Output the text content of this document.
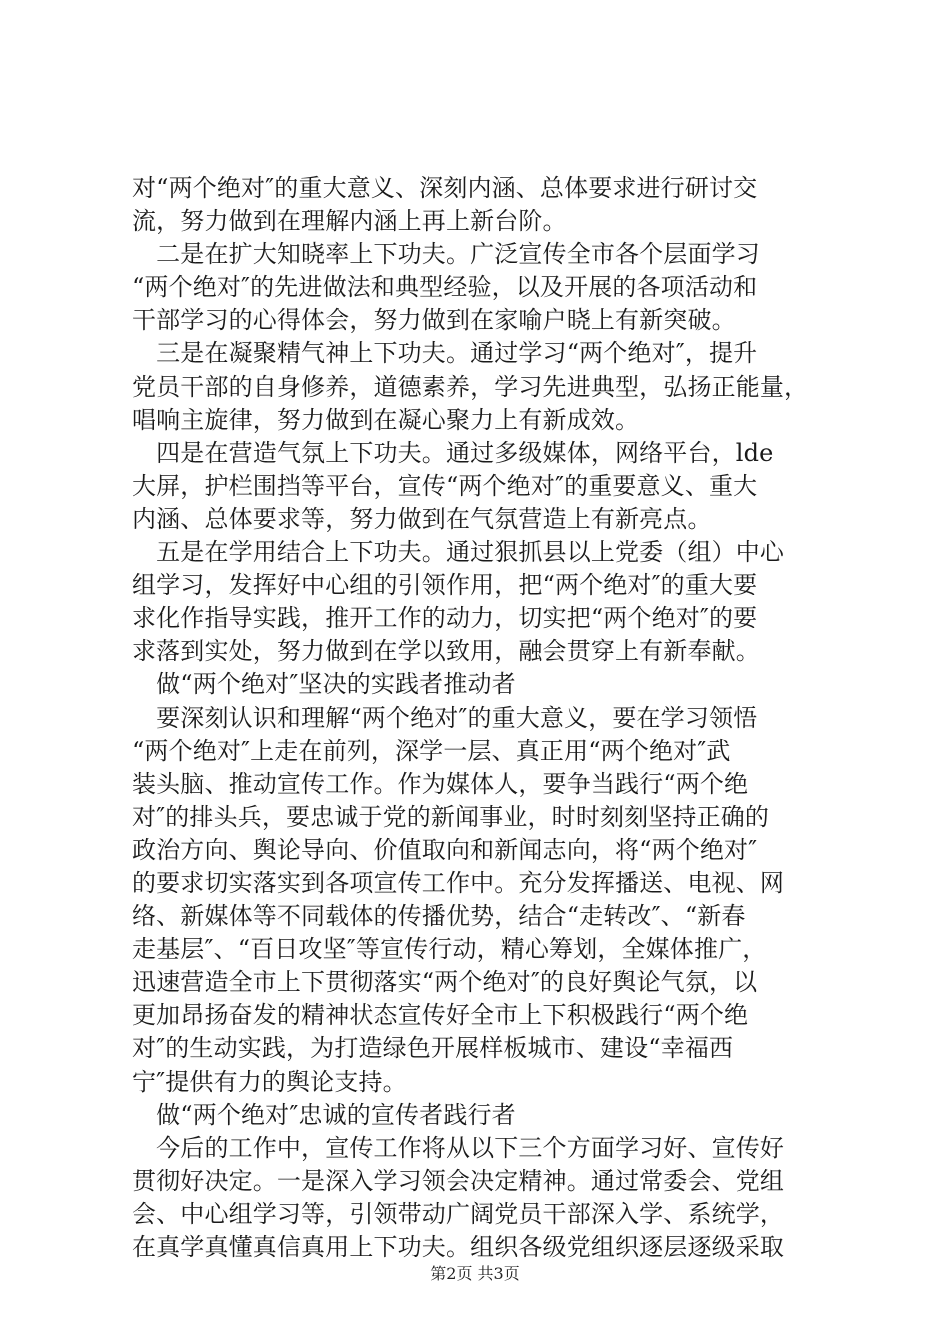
对“两个绝对″的重大意义、深刻内涵、总体要求进行研讨交
流，努力做到在理解内涵上再上新台阶。
　二是在扩大知晓率上下功夫。广泛宣传全市各个层面学习
“两个绝对″的先进做法和典型经验，以及开展的各项活动和
干部学习的心得体会，努力做到在家喻户晓上有新突破。
　三是在凝聚精气神上下功夫。通过学习“两个绝对″，提升
党员干部的自身修养，道德素养，学习先进典型，弘扬正能量，
唱响主旋律，努力做到在凝心聚力上有新成效。
　四是在营造气氛上下功夫。通过多级媒体，网络平台，lde
大屏，护栏围挡等平台，宣传“两个绝对″的重要意义、重大
内涵、总体要求等，努力做到在气氛营造上有新亮点。
　五是在学用结合上下功夫。通过狠抓县以上党委（组）中心
组学习，发挥好中心组的引领作用，把“两个绝对″的重大要
求化作指导实践，推开工作的动力，切实把“两个绝对″的要
求落到实处，努力做到在学以致用，融会贯穿上有新奉献。
　做“两个绝对″坚决的实践者推动者
　要深刻认识和理解“两个绝对″的重大意义，要在学习领悟
“两个绝对″上走在前列，深学一层、真正用“两个绝对″武
装头脑、推动宣传工作。作为媒体人，要争当践行“两个绝
对″的排头兵，要忠诚于党的新闻事业，时时刻刻坚持正确的
政治方向、舆论导向、价值取向和新闻志向，将“两个绝对″
的要求切实落实到各项宣传工作中。充分发挥播送、电视、网
络、新媒体等不同载体的传播优势，结合“走转改″、“新春
走基层″、“百日攻坚″等宣传行动，精心筹划，全媒体推广，
迅速营造全市上下贯彻落实“两个绝对″的良好舆论气氛，以
更加昂扬奋发的精神状态宣传好全市上下积极践行“两个绝
对″的生动实践，为打造绿色开展样板城市、建设“幸福西
宁″提供有力的舆论支持。
　做“两个绝对″忠诚的宣传者践行者
　今后的工作中，宣传工作将从以下三个方面学习好、宣传好
贯彻好决定。一是深入学习领会决定精神。通过常委会、党组
会、中心组学习等，引领带动广阔党员干部深入学、系统学，
在真学真懂真信真用上下功夫。组织各级党组织逐层逐级采取
第2页 共3页
